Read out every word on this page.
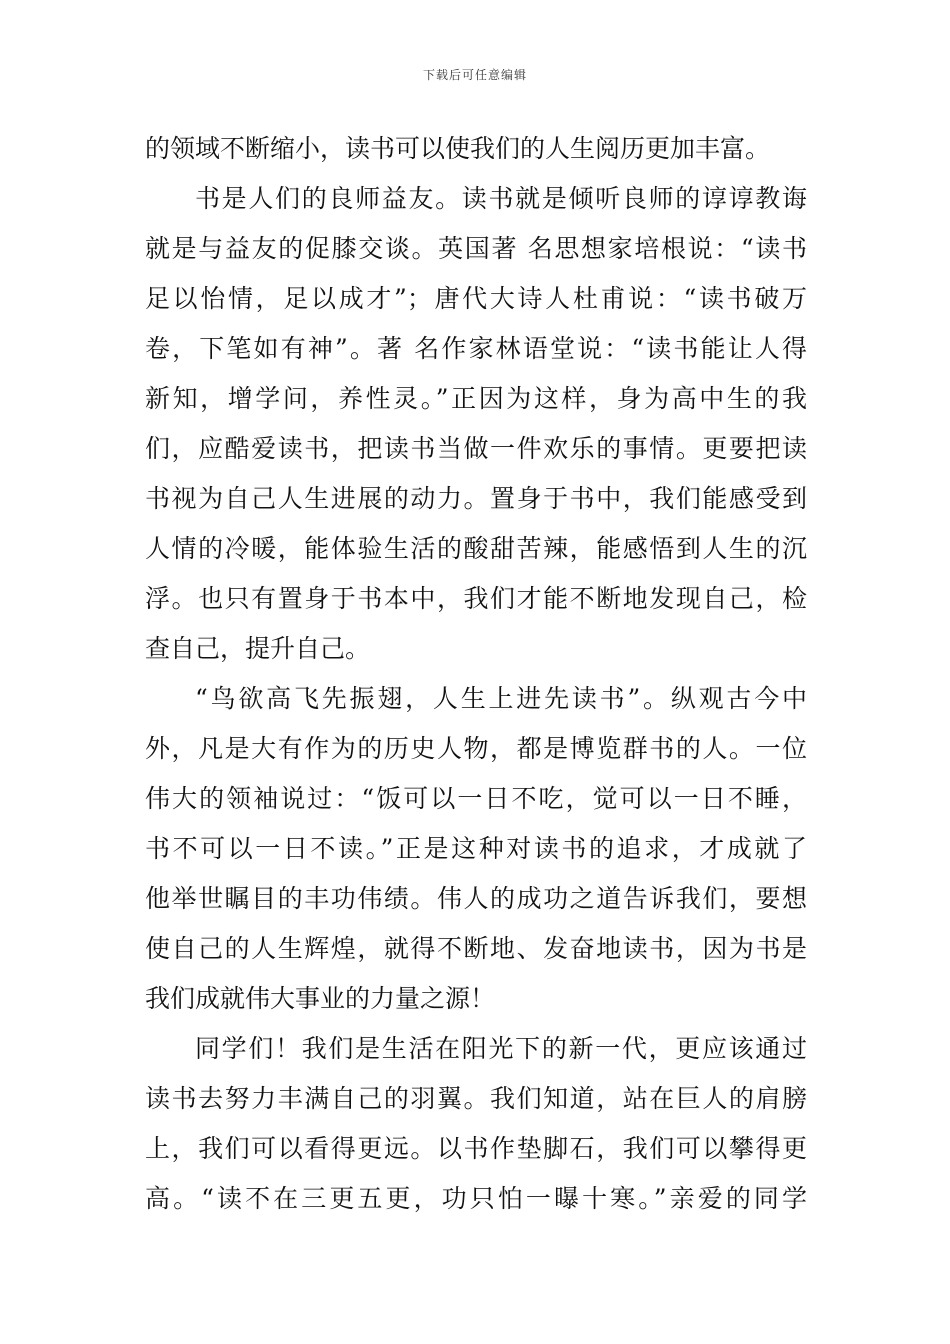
下载后可任意编辑
的领域不断缩小，读书可以使我们的人生阅历更加丰富。
书是人们的良师益友。读书就是倾听良师的谆谆教诲
就是与益友的促膝交谈。英国著 名思想家培根说：“读书
足以怡情，足以成才”；唐代大诗人杜甫说：“读书破万
卷，下笔如有神”。著 名作家林语堂说：“读书能让人得
新知，增学问，养性灵。”正因为这样，身为高中生的我
们，应酷爱读书，把读书当做一件欢乐的事情。更要把读
书视为自己人生进展的动力。置身于书中，我们能感受到
人情的冷暖，能体验生活的酸甜苦辣，能感悟到人生的沉
浮。也只有置身于书本中，我们才能不断地发现自己，检
查自己，提升自己。
“鸟欲高飞先振翅，人生上进先读书”。纵观古今中
外，凡是大有作为的历史人物，都是博览群书的人。一位
伟大的领袖说过：“饭可以一日不吃，觉可以一日不睡，
书不可以一日不读。”正是这种对读书的追求，才成就了
他举世瞩目的丰功伟绩。伟人的成功之道告诉我们，要想
使自己的人生辉煌，就得不断地、发奋地读书，因为书是
我们成就伟大事业的力量之源！
同学们！我们是生活在阳光下的新一代，更应该通过
读书去努力丰满自己的羽翼。我们知道，站在巨人的肩膀
上，我们可以看得更远。以书作垫脚石，我们可以攀得更
高。“读不在三更五更，功只怕一曝十寒。”亲爱的同学
